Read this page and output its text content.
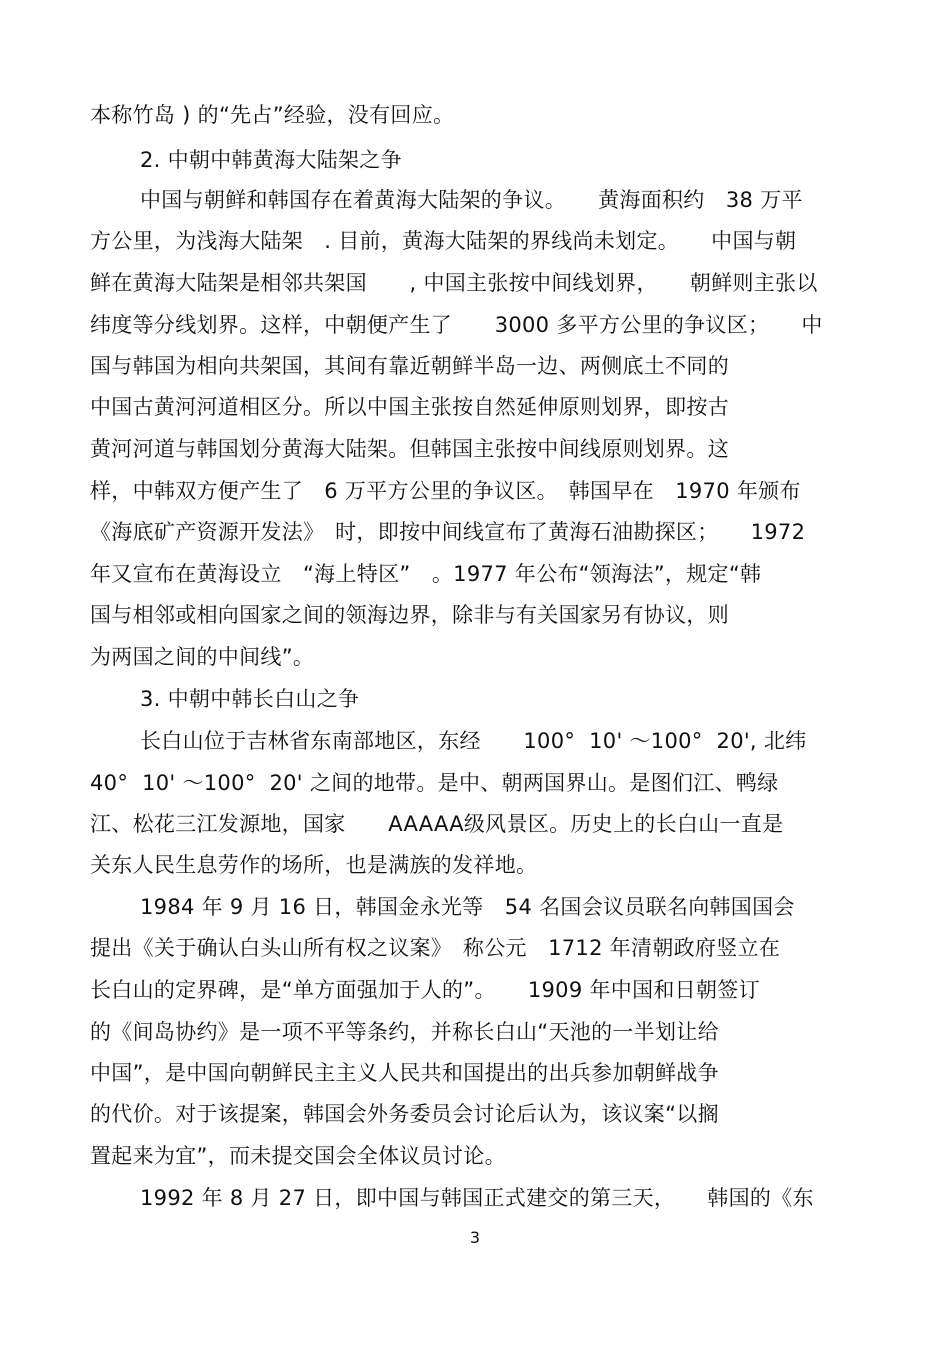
本称竹岛 ) 的“先占”经验，没有回应。
2. 中朝中韩黄海大陆架之争
中国与朝鲜和韩国存在着黄海大陆架的争议。　　黄海面积约　38 万平
方公里，为浅海大陆架　. 目前，黄海大陆架的界线尚未划定。　　中国与朝
鲜在黄海大陆架是相邻共架国　　, 中国主张按中间线划界，　　朝鲜则主张以
纬度等分线划界。这样，中朝便产生了　　3000 多平方公里的争议区；　　中
国与韩国为相向共架国，其间有靠近朝鲜半岛一边、两侧底土不同的
中国古黄河河道相区分。所以中国主张按自然延伸原则划界，即按古
黄河河道与韩国划分黄海大陆架。但韩国主张按中间线原则划界。这
样，中韩双方便产生了　6 万平方公里的争议区。　韩国早在　1970 年颁布
《海底矿产资源开发法》　时，即按中间线宣布了黄海石油勘探区；　　1972
年又宣布在黄海设立　“海上特区”　。1977 年公布“领海法”，规定“韩
国与相邻或相向国家之间的领海边界，除非与有关国家另有协议，则
为两国之间的中间线”。
3. 中朝中韩长白山之争
长白山位于吉林省东南部地区，东经　　100°  10' ～100°  20', 北纬
40°  10' ～100°  20' 之间的地带。是中、朝两国界山。是图们江、鸭绿
江、松花三江发源地，国家　　AAAAA级风景区。历史上的长白山一直是
关东人民生息劳作的场所，也是满族的发祥地。
1984 年 9 月 16 日，韩国金永光等　54 名国会议员联名向韩国国会
提出《关于确认白头山所有权之议案》　称公元　1712 年清朝政府竖立在
长白山的定界碑，是“单方面强加于人的”。　　1909 年中国和日朝签订
的《间岛协约》是一项不平等条约，并称长白山“天池的一半划让给
中国”，是中国向朝鲜民主主义人民共和国提出的出兵参加朝鲜战争
的代价。对于该提案，韩国会外务委员会讨论后认为，该议案“以搁
置起来为宜”，而未提交国会全体议员讨论。
1992 年 8 月 27 日，即中国与韩国正式建交的第三天，　　韩国的《东
3
